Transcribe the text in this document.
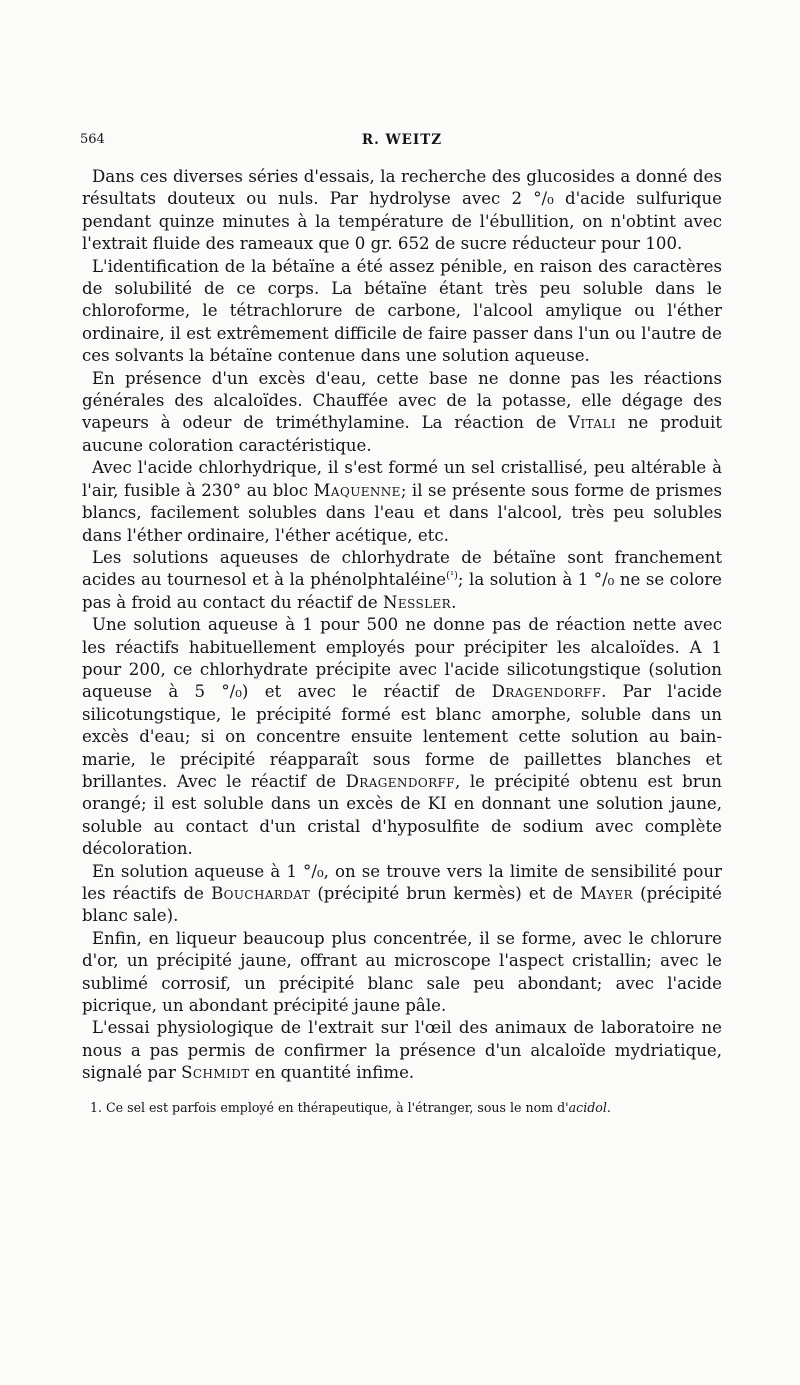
564	R. WEITZ

Dans ces diverses séries d'essais, la recherche des glucosides a donné des résultats douteux ou nuls. Par hydrolyse avec 2 °/₀ d'acide sulfurique pendant quinze minutes à la température de l'ébullition, on n'obtint avec l'extrait fluide des rameaux que 0 gr. 652 de sucre réducteur pour 100.

L'identification de la bétaïne a été assez pénible, en raison des caractères de solubilité de ce corps. La bétaïne étant très peu soluble dans le chloroforme, le tétrachlorure de carbone, l'alcool amylique ou l'éther ordinaire, il est extrêmement difficile de faire passer dans l'un ou l'autre de ces solvants la bétaïne contenue dans une solution aqueuse.

En présence d'un excès d'eau, cette base ne donne pas les réactions générales des alcaloïdes. Chauffée avec de la potasse, elle dégage des vapeurs à odeur de triméthylamine. La réaction de Vitali ne produit aucune coloration caractéristique.

Avec l'acide chlorhydrique, il s'est formé un sel cristallisé, peu altérable à l'air, fusible à 230° au bloc Maquenne; il se présente sous forme de prismes blancs, facilement solubles dans l'eau et dans l'alcool, très peu solubles dans l'éther ordinaire, l'éther acétique, etc.

Les solutions aqueuses de chlorhydrate de bétaïne sont franchement acides au tournesol et à la phénolphtaléine$^{(^1)}$; la solution à 1 °/₀ ne se colore pas à froid au contact du réactif de Nessler.

Une solution aqueuse à 1 pour 500 ne donne pas de réaction nette avec les réactifs habituellement employés pour précipiter les alcaloïdes. A 1 pour 200, ce chlorhydrate précipite avec l'acide silicotungstique (solution aqueuse à 5 °/₀) et avec le réactif de Dragendorff. Par l'acide silicotungstique, le précipité formé est blanc amorphe, soluble dans un excès d'eau; si on concentre ensuite lentement cette solution au bain-marie, le précipité réapparaît sous forme de paillettes blanches et brillantes. Avec le réactif de Dragendorff, le précipité obtenu est brun orangé; il est soluble dans un excès de KI en donnant une solution jaune, soluble au contact d'un cristal d'hyposulfite de sodium avec complète décoloration.

En solution aqueuse à 1 °/₀, on se trouve vers la limite de sensibilité pour les réactifs de Bouchardat (précipité brun kermès) et de Mayer (précipité blanc sale).

Enfin, en liqueur beaucoup plus concentrée, il se forme, avec le chlorure d'or, un précipité jaune, offrant au microscope l'aspect cristallin; avec le sublimé corrosif, un précipité blanc sale peu abondant; avec l'acide picrique, un abondant précipité jaune pâle.

L'essai physiologique de l'extrait sur l'œil des animaux de laboratoire ne nous a pas permis de confirmer la présence d'un alcaloïde mydriatique, signalé par Schmidt en quantité infime.

1. Ce sel est parfois employé en thérapeutique, à l'étranger, sous le nom d'acidol.
